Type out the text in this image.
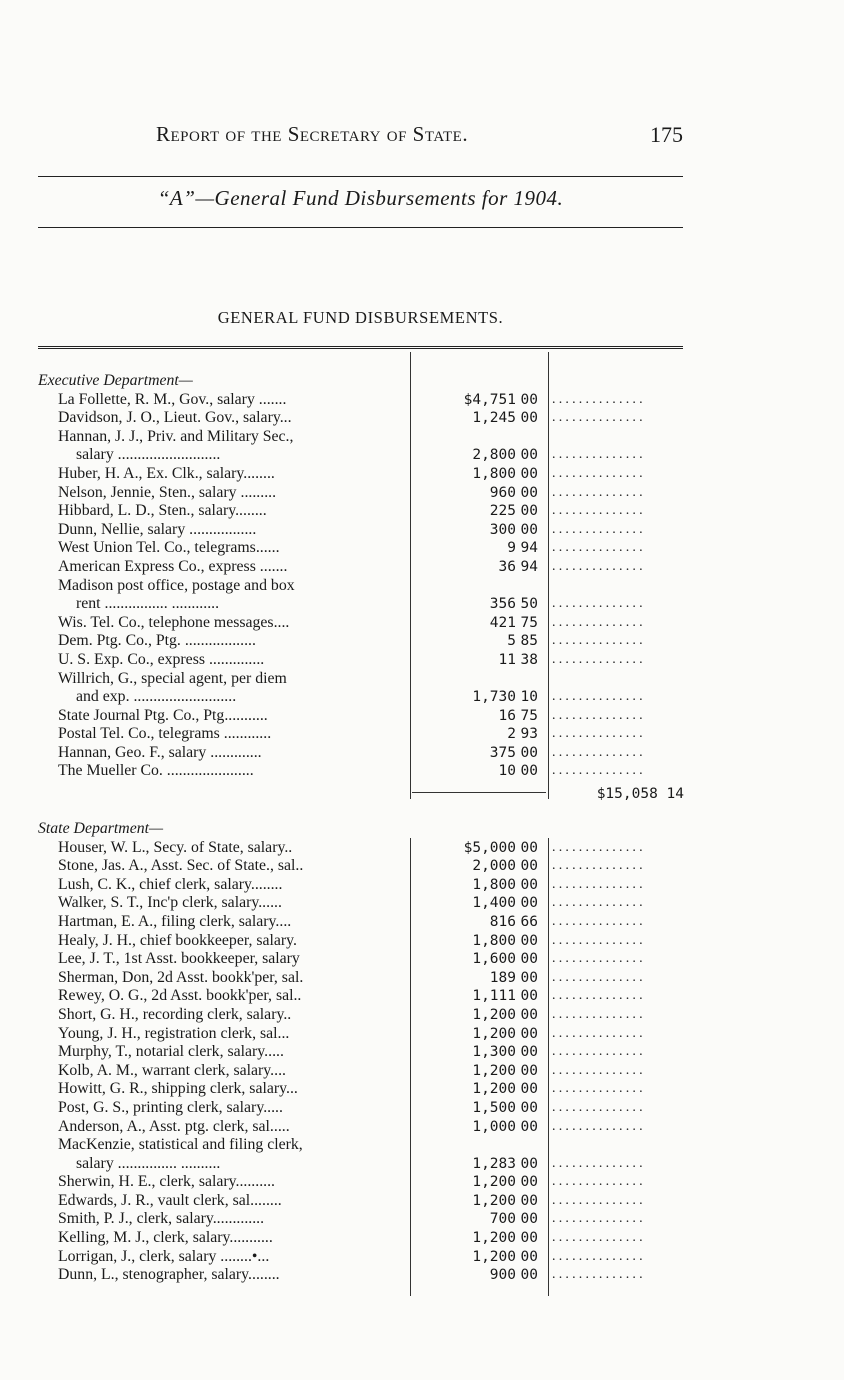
Report of the Secretary of State.	175
“A”—General Fund Disbursements for 1904.
GENERAL FUND DISBURSEMENTS.
Executive Department—
La Follette, R. M., Gov., salary .......	$4,751 00 ..............
Davidson, J. O., Lieut. Gov., salary...	1,245 00 ..............
Hannan, J. J., Priv. and Military Sec.,
salary ..........................	2,800 00 ..............
Huber, H. A., Ex. Clk., salary........	1,800 00 ..............
Nelson, Jennie, Sten., salary .........	960 00 ..............
Hibbard, L. D., Sten., salary........	225 00 ..............
Dunn, Nellie, salary .................	300 00 ..............
West Union Tel. Co., telegrams......	9 94 ..............
American Express Co., express .......	36 94 ..............
Madison post office, postage and box
rent ................ ............	356 50 ..............
Wis. Tel. Co., telephone messages....	421 75 ..............
Dem. Ptg. Co., Ptg. ..................	5 85 ..............
U. S. Exp. Co., express ..............	11 38 ..............
Willrich, G., special agent, per diem
and exp. ..........................	1,730 10 ..............
State Journal Ptg. Co., Ptg...........	16 75 ..............
Postal Tel. Co., telegrams ............	2 93 ..............
Hannan, Geo. F., salary .............	375 00 ..............
The Mueller Co. ......................	10 00 ..............
$15,058 14
State Department—
Houser, W. L., Secy. of State, salary..	$5,000 00 ..............
Stone, Jas. A., Asst. Sec. of State., sal..	2,000 00 ..............
Lush, C. K., chief clerk, salary........	1,800 00 ..............
Walker, S. T., Inc'p clerk, salary......	1,400 00 ..............
Hartman, E. A., filing clerk, salary....	816 66 ..............
Healy, J. H., chief bookkeeper, salary.	1,800 00 ..............
Lee, J. T., 1st Asst. bookkeeper, salary	1,600 00 ..............
Sherman, Don, 2d Asst. bookk'per, sal.	189 00 ..............
Rewey, O. G., 2d Asst. bookk'per, sal..	1,111 00 ..............
Short, G. H., recording clerk, salary..	1,200 00 ..............
Young, J. H., registration clerk, sal...	1,200 00 ..............
Murphy, T., notarial clerk, salary.....	1,300 00 ..............
Kolb, A. M., warrant clerk, salary....	1,200 00 ..............
Howitt, G. R., shipping clerk, salary...	1,200 00 ..............
Post, G. S., printing clerk, salary.....	1,500 00 ..............
Anderson, A., Asst. ptg. clerk, sal.....	1,000 00 ..............
MacKenzie, statistical and filing clerk,
salary ............... ..........	1,283 00 ..............
Sherwin, H. E., clerk, salary..........	1,200 00 ..............
Edwards, J. R., vault clerk, sal........	1,200 00 ..............
Smith, P. J., clerk, salary.............	700 00 ..............
Kelling, M. J., clerk, salary...........	1,200 00 ..............
Lorrigan, J., clerk, salary ........•...	1,200 00 ..............
Dunn, L., stenographer, salary........	900 00 ..............
